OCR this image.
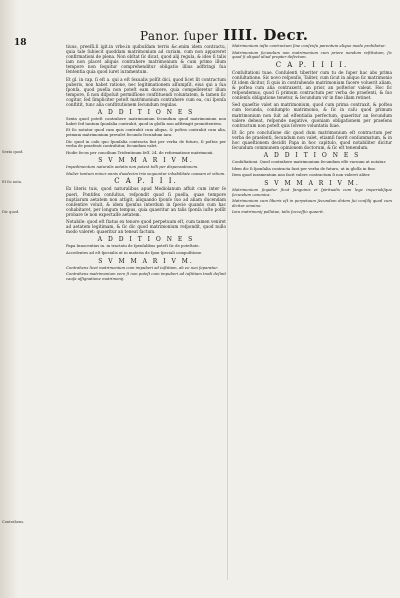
18	Panor. ſuper IIII. Decr.
Sexta quod.
Et ſic nota.
Dic quod.
Contrahens.

tiuus, preeſſi.ſi igit.in vrbe.in quibuſdam terris &c.enim idem contractu, quia tale ſubiecit quoddam matrimonium ad curiam, cum non appareret confirmationi de plena. Non obſtat ſic dicat, quod alij regula, & ideo ſi talis iam non placet aliquis contrahere matrimonium & cum primo illum tempore non ſequitur comprehenditur obligatio illius adſtringi ſua ſententia quia quod iuret iuramentum.

Et gl. in cap. ſi eſt a. qui a eſt ſexualis poſſit dici, quod licet ſit contractum puberis, non habet ratione, nec legitimationem aſſumpſit, eius qui a ſua ſponſa, quod puella non poteſt eam ducere, quia compelleretur illum tempore, ſi non diſpoſuit permiſſione conſtituendi voluntatem, & tamen ſic cogitur, ſed ſimpliciter poteſt matrimonium contrahere cum ea, cui ſponſa conſtitit, tunc alia conſtitutionem ſecundum regulas.

A D D I T I O N E S

Sexta quod poteſt contrahere matrimonium ſecundum quod matrimonium non habet ſed tantum ſponſalia contrahit, quod in gloſſa non adſtringit promittentem.

Et ſic notatur quod cum quis contrahit cum aliqua, & poſtea contrahit cum alia, primum matrimonium prevalet ſecundo ſecundum iura.

Dic quod in caſu quo ſponſalia contracta ſint per verba de futuro, ſi poſtea per verba de praeſenti contrahitur, ſecundum valet.

Hodie ſecus per concilium Tridentinum ſeſſ. 24. de reformatione matrimonii.

S V M M A R I V M.

Impedimentum naturalis aetatis non potest tolli per dispensationem.

Mulier tantum minor annis duodecim tria sequuntur inhabilitate causam et vitium.

C A P. I I I.

Ex literis tuis, quod naturalibus apud Mediolanum affuit cum inter ſe pueri, Pontifex conſultus, reſpondit quod ſi puella, quae tempore nuptiarum aetatem non attigit, aliquando ſponſo ſuo ad aliam ducendam conſentire voluit, & idem ſponſus interdum in ſpecie quando cum hac cohabitaret, per longum tempus, quia quaeritur an talis ſponſa iuſte poſſit probare ſe non expectaſſe aetatem.

Notabile: quod eſt ſtatus ex tenore quod perpetuum eſt, cum tamen veniret ad aetatem legitimam, & ſic dic quod matrimonium reſpondit, quod nullo modo valeret: quaeritur an teneat factum.

A D D I T I O N E S

Papa Innocentius in. in tractatu de ſpenſalibus poteſt ſic de poteſtate.

Accedentes ad eſt ſpecialis ut in materia de ſpon ſpeciali compoſitione.

S V M M A R I V M.

Contrahens licet matrimonium cum impuberi ad iuſtitiam, ab eo non ſeparatur.

Contrahens matrimonium vero ſi non poteſt cum impuberi ad iuſtitiam tradi deſinit cauſa aſſignatione matrimonij.

Matrimonium iuſte contractum ſine conſenſu parentum aliquo modo prohibetur.

Matrimonium ſecundum non matrimonium cum priore nondum reſtitutum, ſic quod ſi aliquid aliud propter defectum.

C A P. I I I I.

Conſultationi tuae. Conſulenti tiberiter cum tu de ſuper hac abs prima conſultatione. Sic novo reſponſis, Taliter, cum ſicut in aliquo ſic matrimonio ſit idem dicitur, ſi quis in contrahendo matrimonium facere voluerit aliam, & poſtea cum alia contraxerit, an prior, an poſterior valeat. Hoc ſic reſpondemus, quod ſi primum contractum per verba de praeſenti, & ſuo conſenſu obligatione tenetur, & ſecundum vir in fine illam retinet.

Sed quaeſtio valet an matrimonium, quod cum prima contraxit, & poſtea cum ſecunda, conſumpto matrimonio, & ſic in caſu quod primum matrimonium non ſuit ad eſſentialia perfectum, quaeritur an ſecundum valere debeat, reſponde negative, quoniam obligationem per praeſens contractum non poteſt quis ſolvere voluntatis ſuae.

Et ſic pro concluſione dic quod dum matrimonium eſt contractum per verba de praeſenti, ſecundum non valet, etiamſi fuerit conſummatum, & in hoc quaeſtionem decidit Papa in hoc capitulo, quod notabiliter dicitur ſecundum communem opinionem doctorum, & ſic eſt tenendum.

A D D I T I O N E S

Conſultationi. Quod contrahere matrimonium ſecundum eſſe vacuum ut notatur.

Idem dic ſi ſponſalia contracta ſunt per verba de futuro, ut in gloſſa in fine.

Item quod iuramentum non facit valere contractum ſi non valeret aliter.

S V M M A R I V M.

Matrimonium ſequitur ſicut ſanguinis et ſpiritualis cum lege imperialiſque ſecundum canonica.

Matrimonium cum liberis eſt in perpetuum ſecundum dotem ſui conſilij quod cum dicitur omnino.

Iura matrimonij pollutae, talis ſucceſſio quaerit.
